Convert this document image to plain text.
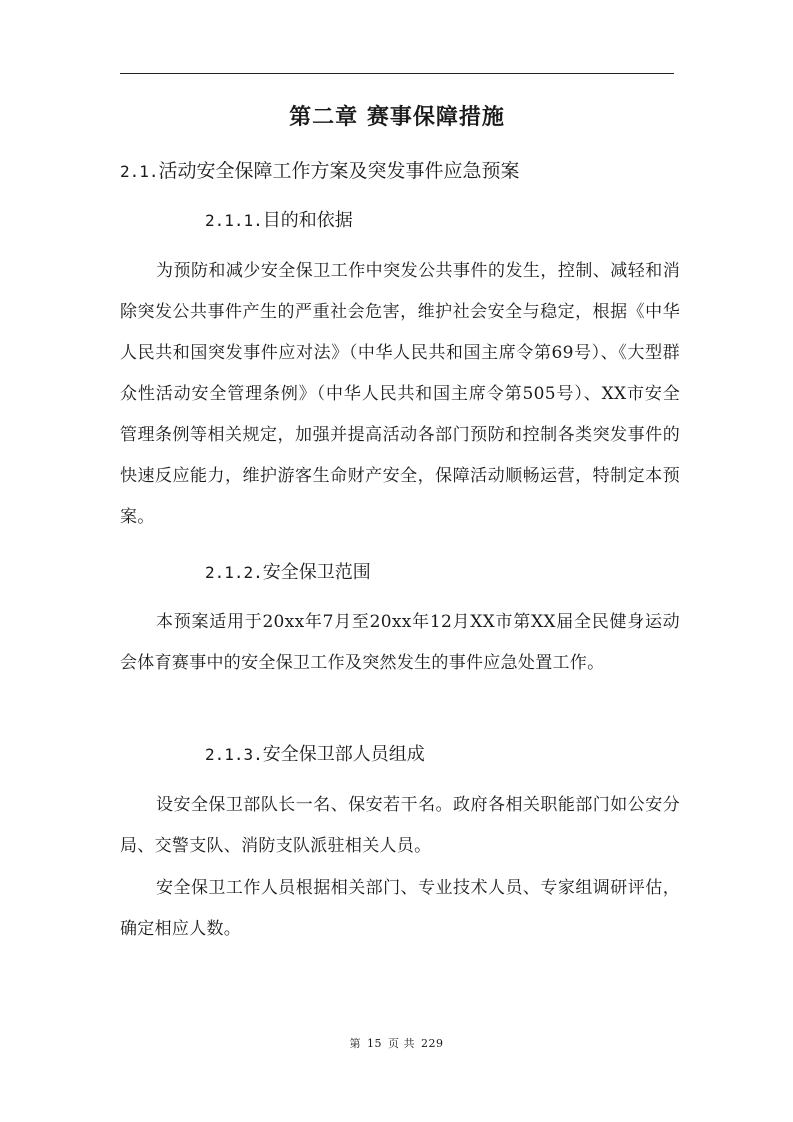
第二章 赛事保障措施
2.1.活动安全保障工作方案及突发事件应急预案
2.1.1.目的和依据
为预防和减少安全保卫工作中突发公共事件的发生，控制、减轻和消除突发公共事件产生的严重社会危害，维护社会安全与稳定，根据《中华人民共和国突发事件应对法》（中华人民共和国主席令第69号）、《大型群众性活动安全管理条例》（中华人民共和国主席令第505号）、XX市安全管理条例等相关规定，加强并提高活动各部门预防和控制各类突发事件的快速反应能力，维护游客生命财产安全，保障活动顺畅运营，特制定本预案。
2.1.2.安全保卫范围
本预案适用于20xx年7月至20xx年12月XX市第XX届全民健身运动会体育赛事中的安全保卫工作及突然发生的事件应急处置工作。
2.1.3.安全保卫部人员组成
设安全保卫部队长一名、保安若干名。政府各相关职能部门如公安分局、交警支队、消防支队派驻相关人员。
安全保卫工作人员根据相关部门、专业技术人员、专家组调研评估，确定相应人数。
第 15 页 共 229
